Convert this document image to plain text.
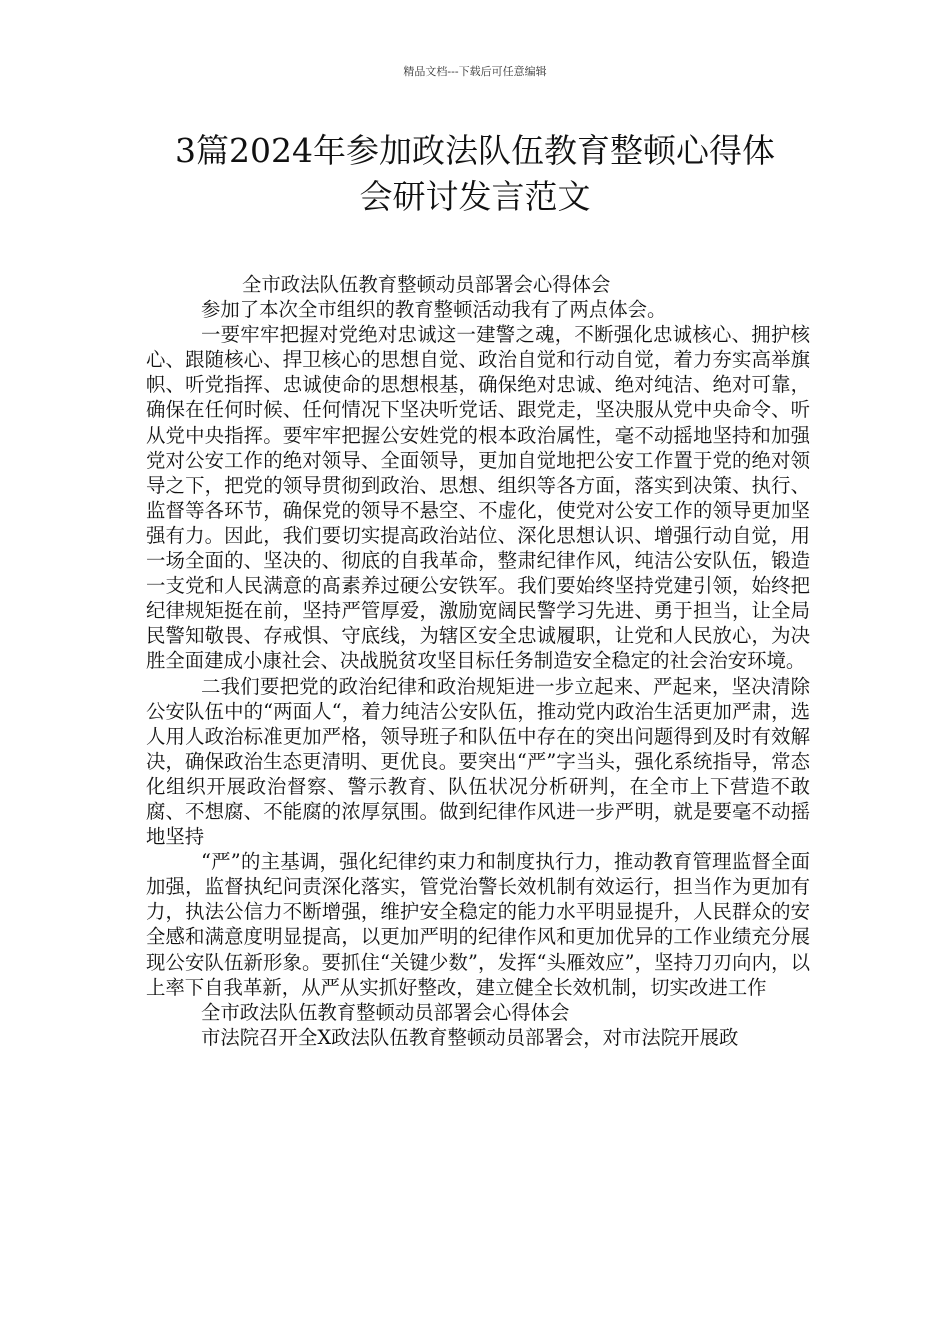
精品文档---下载后可任意编辑
3篇2024年参加政法队伍教育整顿心得体
会研讨发言范文

全市政法队伍教育整顿动员部署会心得体会

参加了本次全市组织的教育整顿活动我有了两点体会。

一要牢牢把握对党绝对忠诚这一建警之魂，不断强化忠诚核心、拥护核心、跟随核心、捍卫核心的思想自觉、政治自觉和行动自觉，着力夯实高举旗帜、听党指挥、忠诚使命的思想根基，确保绝对忠诚、绝对纯洁、绝对可靠，确保在任何时候、任何情况下坚决听党话、跟党走，坚决服从党中央命令、听从党中央指挥。要牢牢把握公安姓党的根本政治属性，毫不动摇地坚持和加强党对公安工作的绝对领导、全面领导，更加自觉地把公安工作置于党的绝对领导之下，把党的领导贯彻到政治、思想、组织等各方面，落实到决策、执行、监督等各环节，确保党的领导不悬空、不虚化，使党对公安工作的领导更加坚强有力。因此，我们要切实提高政治站位、深化思想认识、增强行动自觉，用一场全面的、坚决的、彻底的自我革命，整肃纪律作风，纯洁公安队伍，锻造一支党和人民满意的髙素养过硬公安铁军。我们要始终坚持党建引领，始终把纪律规矩挺在前，坚持严管厚爱，激励宽阔民警学习先进、勇于担当，让全局民警知敬畏、存戒惧、守底线，为辖区安全忠诚履职，让党和人民放心，为决胜全面建成小康社会、决战脱贫攻坚目标任务制造安全稳定的社会治安环境。

二我们要把党的政治纪律和政治规矩进一步立起来、严起来，坚决清除公安队伍中的“两面人“，着力纯洁公安队伍，推动党内政治生活更加严肃，选人用人政治标准更加严格，领导班子和队伍中存在的突出问题得到及时有效解决，确保政治生态更清明、更优良。要突出“严”字当头，强化系统指导，常态化组织开展政治督察、警示教育、队伍状况分析研判，在全市上下营造不敢腐、不想腐、不能腐的浓厚氛围。做到纪律作风进一步严明，就是要毫不动摇地坚持

“严”的主基调，强化纪律约束力和制度执行力，推动教育管理监督全面加强，监督执纪问责深化落实，管党治警长效机制有效运行，担当作为更加有力，执法公信力不断增强，维护安全稳定的能力水平明显提升，人民群众的安全感和满意度明显提高，以更加严明的纪律作风和更加优异的工作业绩充分展现公安队伍新形象。要抓住“关键少数”，发挥“头雁效应”，坚持刀刃向内，以上率下自我革新，从严从实抓好整改，建立健全长效机制，切实改进工作

全市政法队伍教育整顿动员部署会心得体会

市法院召开全X政法队伍教育整顿动员部署会，对市法院开展政
